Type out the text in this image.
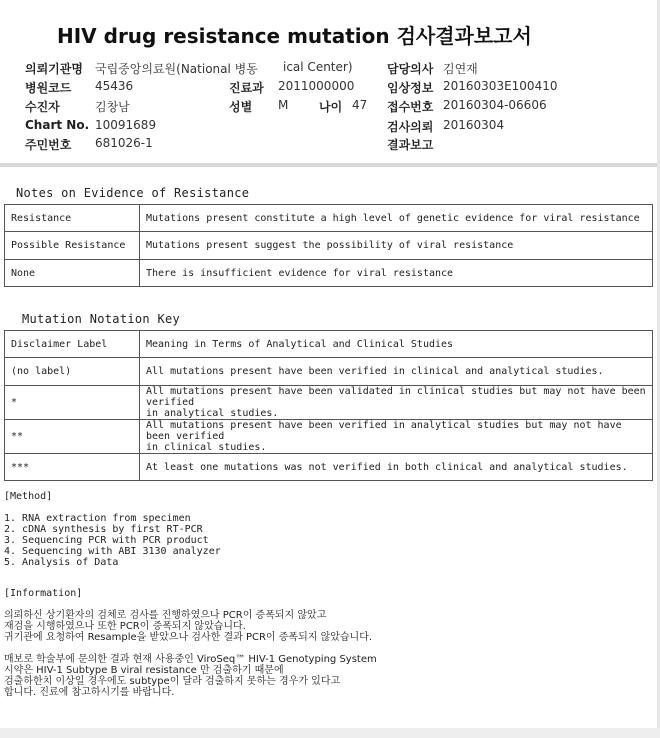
HIV drug resistance mutation 검사결과보고서
의뢰기관명 국립중앙의료원(National 병동 ical Center)
병원코드 45436
수진자	김창남
Chart No. 10091689
주민번호 681026-1
진료과 2011000000
성별 M	나이 47
담당의사 김연재
임상정보 20160303E100410
접수번호 20160304-06606
검사의뢰 20160304
결과보고
Notes on Evidence of Resistance
Resistance	Mutations present constitute a high level of genetic evidence for viral resistance
Possible Resistance	Mutations present suggest the possibility of viral resistance
None	There is insufficient evidence for viral resistance
Mutation Notation Key
Disclaimer Label	Meaning in Terms of Analytical and Clinical Studies
(no label)	All mutations present have been verified in clinical and analytical studies.

*	All mutations present have been validated in clinical studies but may not have been verified
in analytical studies.

**	All mutations present have been verified in analytical studies but may not have been verified
in clinical studies.

***	At least one mutations was not verified in both clinical and analytical studies.
[Method]
1. RNA extraction from specimen
2. cDNA synthesis by first RT-PCR
3. Sequencing PCR with PCR product
4. Sequencing with ABI 3130 analyzer
5. Analysis of Data
[Information]
의뢰하신 상기환자의 검체로 검사를 진행하였으나 PCR이 증폭되지 않았고
재검을 시행하였으나 또한 PCR이 증폭되지 않았습니다.
귀기관에 요청하여 Resample을 받았으나 검사한 결과 PCR이 증폭되지 않았습니다.
매보로 학술부에 문의한 결과 현재 사용중인 ViroSeq™ HIV-1 Genotyping System
시약은 HIV-1 Subtype B viral resistance 만 검출하기 때문에
검출하한치 이상일 경우에도 subtype이 달라 검출하지 못하는 경우가 있다고
합니다. 진료에 참고하시기를 바랍니다.
